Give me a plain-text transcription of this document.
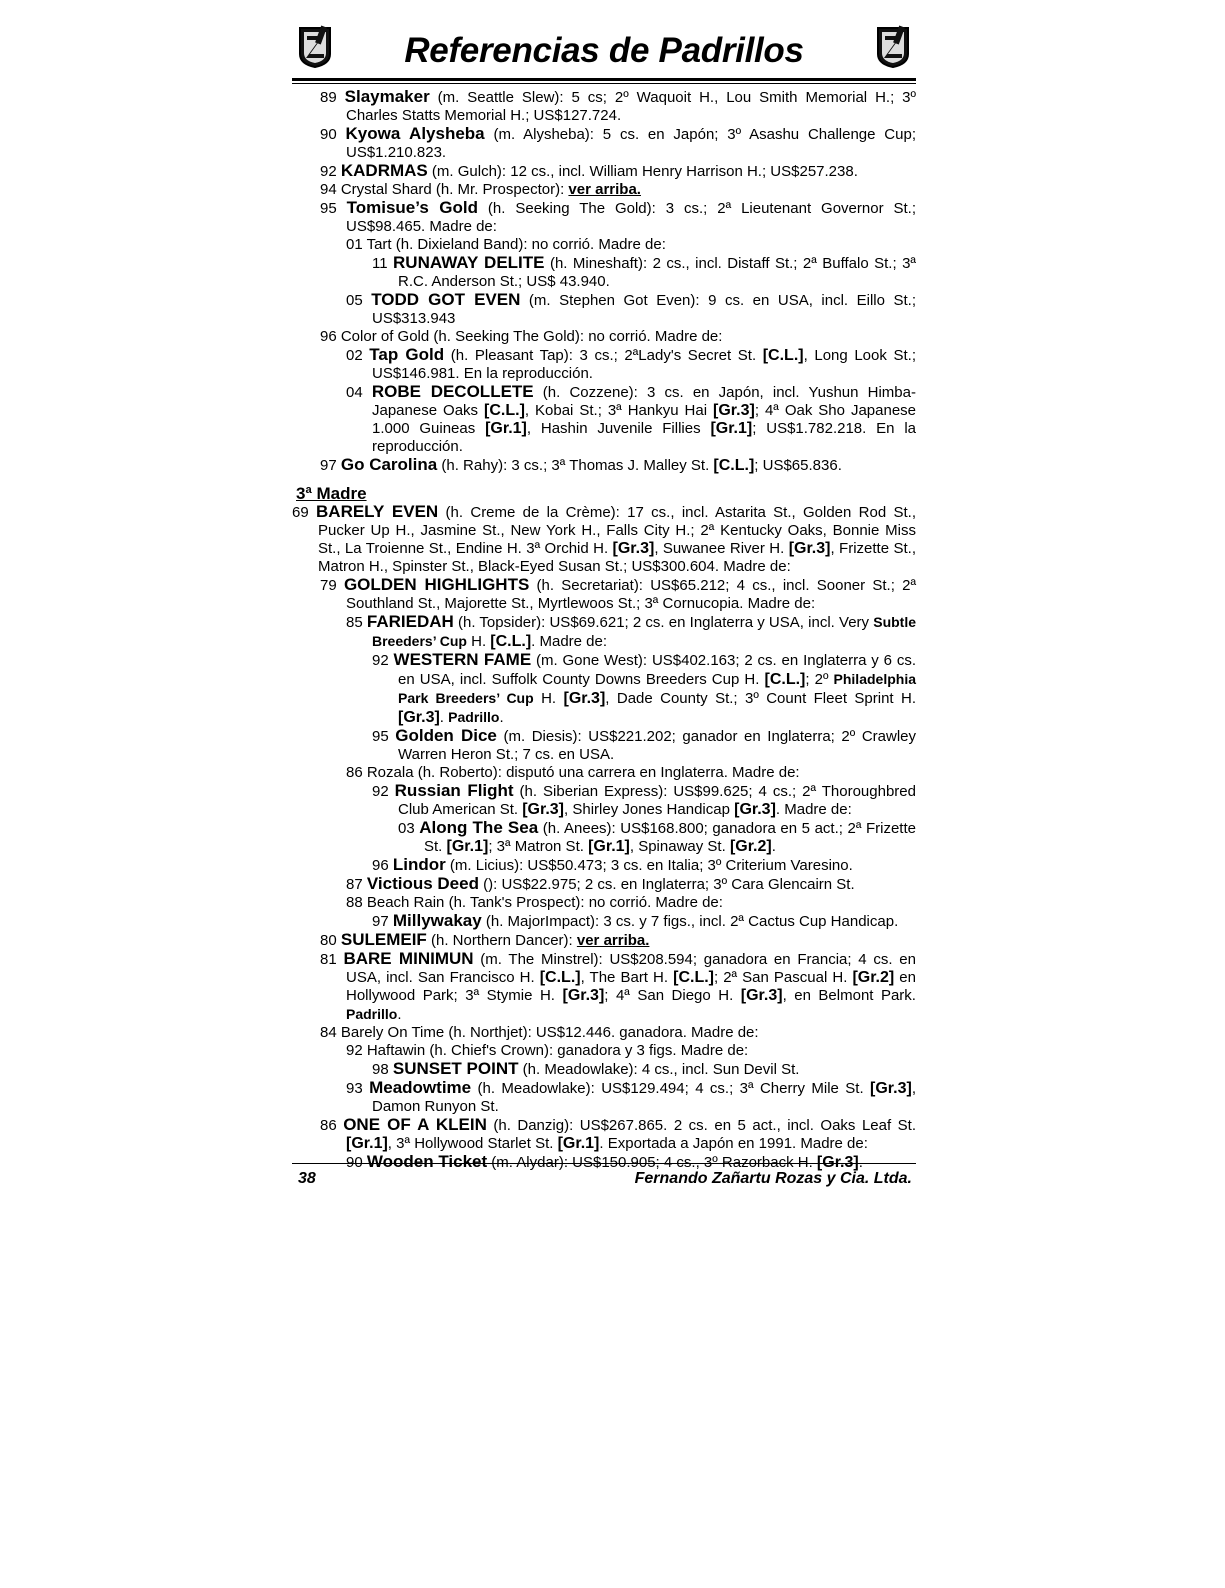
Referencias de Padrillos

89 Slaymaker (m. Seattle Slew): 5 cs; 2º Waquoit H., Lou Smith Memorial H.; 3º Charles Statts Memorial H.; US$127.724.

90 Kyowa Alysheba (m. Alysheba): 5 cs. en Japón; 3º Asashu Challenge Cup; US$1.210.823.

92 KADRMAS (m. Gulch): 12 cs., incl. William Henry Harrison H.; US$257.238.

94 Crystal Shard (h. Mr. Prospector): ver arriba.

95 Tomisue’s Gold (h. Seeking The Gold): 3 cs.; 2ª Lieutenant Governor St.; US$98.465. Madre de:

01 Tart (h. Dixieland Band): no corrió. Madre de:

11 RUNAWAY DELITE (h. Mineshaft): 2 cs., incl. Distaff St.; 2ª Buffalo St.; 3ª R.C. Anderson St.; US$ 43.940.

05 TODD GOT EVEN (m. Stephen Got Even): 9 cs. en USA, incl. Eillo St.; US$313.943

96 Color of Gold (h. Seeking The Gold): no corrió. Madre de:

02 Tap Gold (h. Pleasant Tap): 3 cs.; 2ªLady's Secret St. [C.L.], Long Look St.; US$146.981. En la reproducción.

04 ROBE DECOLLETE (h. Cozzene): 3 cs. en Japón, incl. Yushun Himba-Japanese Oaks [C.L.], Kobai St.; 3ª Hankyu Hai [Gr.3]; 4ª Oak Sho Japanese 1.000 Guineas [Gr.1], Hashin Juvenile Fillies [Gr.1]; US$1.782.218. En la reproducción.

97 Go Carolina (h. Rahy): 3 cs.; 3ª Thomas J. Malley St. [C.L.]; US$65.836.

3ª Madre

69 BARELY EVEN (h. Creme de la Crème): 17 cs., incl. Astarita St., Golden Rod St., Pucker Up H., Jasmine St., New York H., Falls City H.; 2ª Kentucky Oaks, Bonnie Miss St., La Troienne St., Endine H. 3ª Orchid H. [Gr.3], Suwanee River H. [Gr.3], Frizette St., Matron H., Spinster St., Black-Eyed Susan St.; US$300.604. Madre de:

79 GOLDEN HIGHLIGHTS (h. Secretariat): US$65.212; 4 cs., incl. Sooner St.; 2ª Southland St., Majorette St., Myrtlewoos St.; 3ª Cornucopia. Madre de:

85 FARIEDAH (h. Topsider): US$69.621; 2 cs. en Inglaterra y USA, incl. Very Subtle Breeders’ Cup H. [C.L.]. Madre de:

92 WESTERN FAME (m. Gone West): US$402.163; 2 cs. en Inglaterra y 6 cs. en USA, incl. Suffolk County Downs Breeders Cup H. [C.L.]; 2º Philadelphia Park Breeders’ Cup H. [Gr.3], Dade County St.; 3º Count Fleet Sprint H. [Gr.3]. Padrillo.

95 Golden Dice (m. Diesis): US$221.202; ganador en Inglaterra; 2º Crawley Warren Heron St.; 7 cs. en USA.

86 Rozala (h. Roberto): disputó una carrera en Inglaterra. Madre de:

92 Russian Flight (h. Siberian Express): US$99.625; 4 cs.; 2ª Thoroughbred Club American St. [Gr.3], Shirley Jones Handicap [Gr.3]. Madre de:

03 Along The Sea (h. Anees): US$168.800; ganadora en 5 act.; 2ª Frizette St. [Gr.1]; 3ª Matron St. [Gr.1], Spinaway St. [Gr.2].

96 Lindor (m. Licius): US$50.473; 3 cs. en Italia; 3º Criterium Varesino.

87 Victious Deed (): US$22.975; 2 cs. en Inglaterra; 3º Cara Glencairn St.

88 Beach Rain (h. Tank's Prospect): no corrió. Madre de:

97 Millywakay (h. MajorImpact): 3 cs. y 7 figs., incl. 2ª Cactus Cup Handicap.

80 SULEMEIF (h. Northern Dancer): ver arriba.

81 BARE MINIMUN (m. The Minstrel): US$208.594; ganadora en Francia; 4 cs. en USA, incl. San Francisco H. [C.L.], The Bart H. [C.L.]; 2ª San Pascual H. [Gr.2] en Hollywood Park; 3ª Stymie H. [Gr.3]; 4ª San Diego H. [Gr.3], en Belmont Park. Padrillo.

84 Barely On Time (h. Northjet): US$12.446. ganadora. Madre de:

92 Haftawin (h. Chief's Crown): ganadora y 3 figs. Madre de:

98 SUNSET POINT (h. Meadowlake): 4 cs., incl. Sun Devil St.

93 Meadowtime (h. Meadowlake): US$129.494; 4 cs.; 3ª Cherry Mile St. [Gr.3], Damon Runyon St.

86 ONE OF A KLEIN (h. Danzig): US$267.865. 2 cs. en 5 act., incl. Oaks Leaf St. [Gr.1], 3ª Hollywood Starlet St. [Gr.1]. Exportada a Japón en 1991. Madre de:

90 Wooden Ticket (m. Alydar): US$150.905; 4 cs., 3º Razorback H. [Gr.3].

38	Fernando Zañartu Rozas y Cia. Ltda.
